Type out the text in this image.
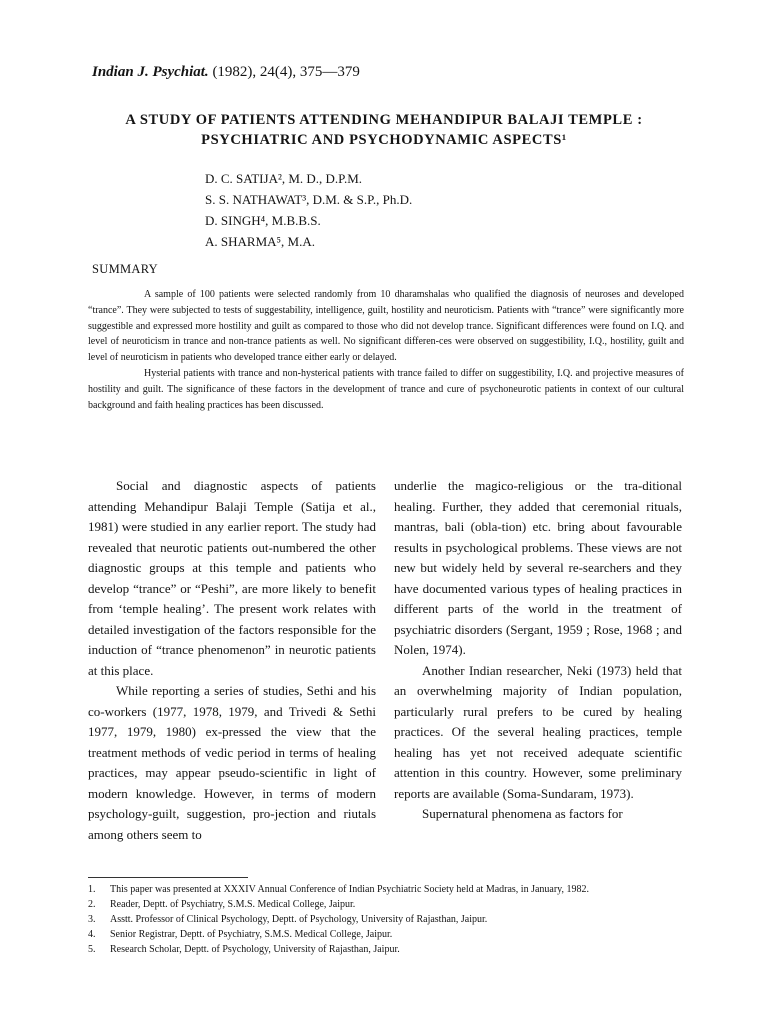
Indian J. Psychiat. (1982), 24(4), 375—379
A STUDY OF PATIENTS ATTENDING MEHANDIPUR BALAJI TEMPLE :
PSYCHIATRIC AND PSYCHODYNAMIC ASPECTS¹
D. C. SATIJA², M. D., D.P.M.
S. S. NATHAWAT³, D.M. & S.P., Ph.D.
D. SINGH⁴, M.B.B.S.
A. SHARMA⁵, M.A.
SUMMARY

A sample of 100 patients were selected randomly from 10 dharamshalas who qualified the diagnosis of neuroses and developed “trance”. They were subjected to tests of suggestability, intelligence, guilt, hostility and neuroticism. Patients with “trance” were significantly more suggestible and expressed more hostility and guilt as compared to those who did not develop trance. Significant differences were found on I.Q. and level of neuroticism in trance and non-trance patients as well. No significant differen-ces were observed on suggestibility, I.Q., hostility, guilt and level of neuroticism in patients who developed trance either early or delayed.

Hysterial patients with trance and non-hysterical patients with trance failed to differ on suggestibility, I.Q. and projective measures of hostility and guilt. The significance of these factors in the development of trance and cure of psychoneurotic patients in context of our cultural background and faith healing practices has been discussed.

Social and diagnostic aspects of patients attending Mehandipur Balaji Temple (Satija et al., 1981) were studied in any earlier report. The study had revealed that neurotic patients out-numbered the other diagnostic groups at this temple and patients who develop “trance” or “Peshi”, are more likely to benefit from ‘temple healing’. The present work relates with detailed investigation of the factors responsible for the induction of “trance phenomenon” in neurotic patients at this place.

While reporting a series of studies, Sethi and his co-workers (1977, 1978, 1979, and Trivedi & Sethi 1977, 1979, 1980) ex-pressed the view that the treatment methods of vedic period in terms of healing practices, may appear pseudo-scientific in light of modern knowledge. However, in terms of modern psychology-guilt, suggestion, pro-jection and riutals among others seem to

underlie the magico-religious or the tra-ditional healing. Further, they added that ceremonial rituals, mantras, bali (obla-tion) etc. bring about favourable results in psychological problems. These views are not new but widely held by several re-searchers and they have documented various types of healing practices in different parts of the world in the treatment of psychiatric disorders (Sergant, 1959 ; Rose, 1968 ; and Nolen, 1974).

Another Indian researcher, Neki (1973) held that an overwhelming majority of Indian population, particularly rural prefers to be cured by healing practices. Of the several healing practices, temple healing has yet not received adequate scientific attention in this country. However, some preliminary reports are available (Soma-Sundaram, 1973).

Supernatural phenomena as factors for

1. This paper was presented at XXXIV Annual Conference of Indian Psychiatric Society held at Madras, in January, 1982.
2. Reader, Deptt. of Psychiatry, S.M.S. Medical College, Jaipur.
3. Asstt. Professor of Clinical Psychology, Deptt. of Psychology, University of Rajasthan, Jaipur.
4. Senior Registrar, Deptt. of Psychiatry, S.M.S. Medical College, Jaipur.
5. Research Scholar, Deptt. of Psychology, University of Rajasthan, Jaipur.
